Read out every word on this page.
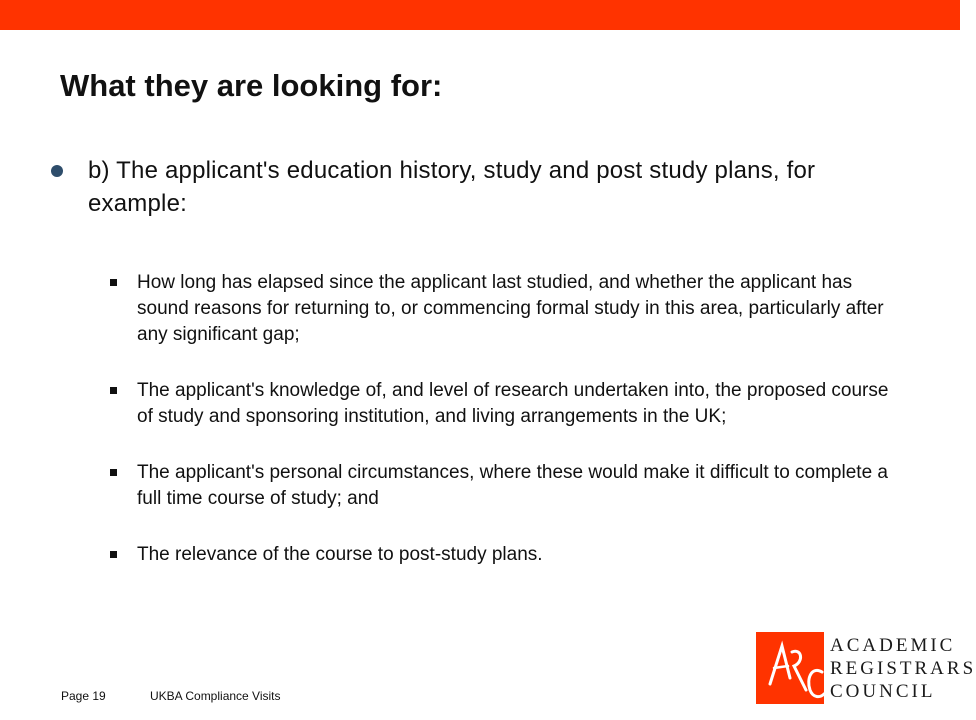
What they are looking for:
b) The applicant's education history, study and post study plans, for example:
How long has elapsed since the applicant last studied, and whether the applicant has sound reasons for returning to, or commencing formal study in this area, particularly after any significant gap;
The applicant's knowledge of, and level of research undertaken into, the proposed course of study and sponsoring institution, and living arrangements in the UK;
The applicant's personal circumstances, where these would make it difficult to complete a full time course of study; and
The relevance of the course to post-study plans.
Page 19	UKBA Compliance Visits
ACADEMIC
REGISTRARS
COUNCIL
